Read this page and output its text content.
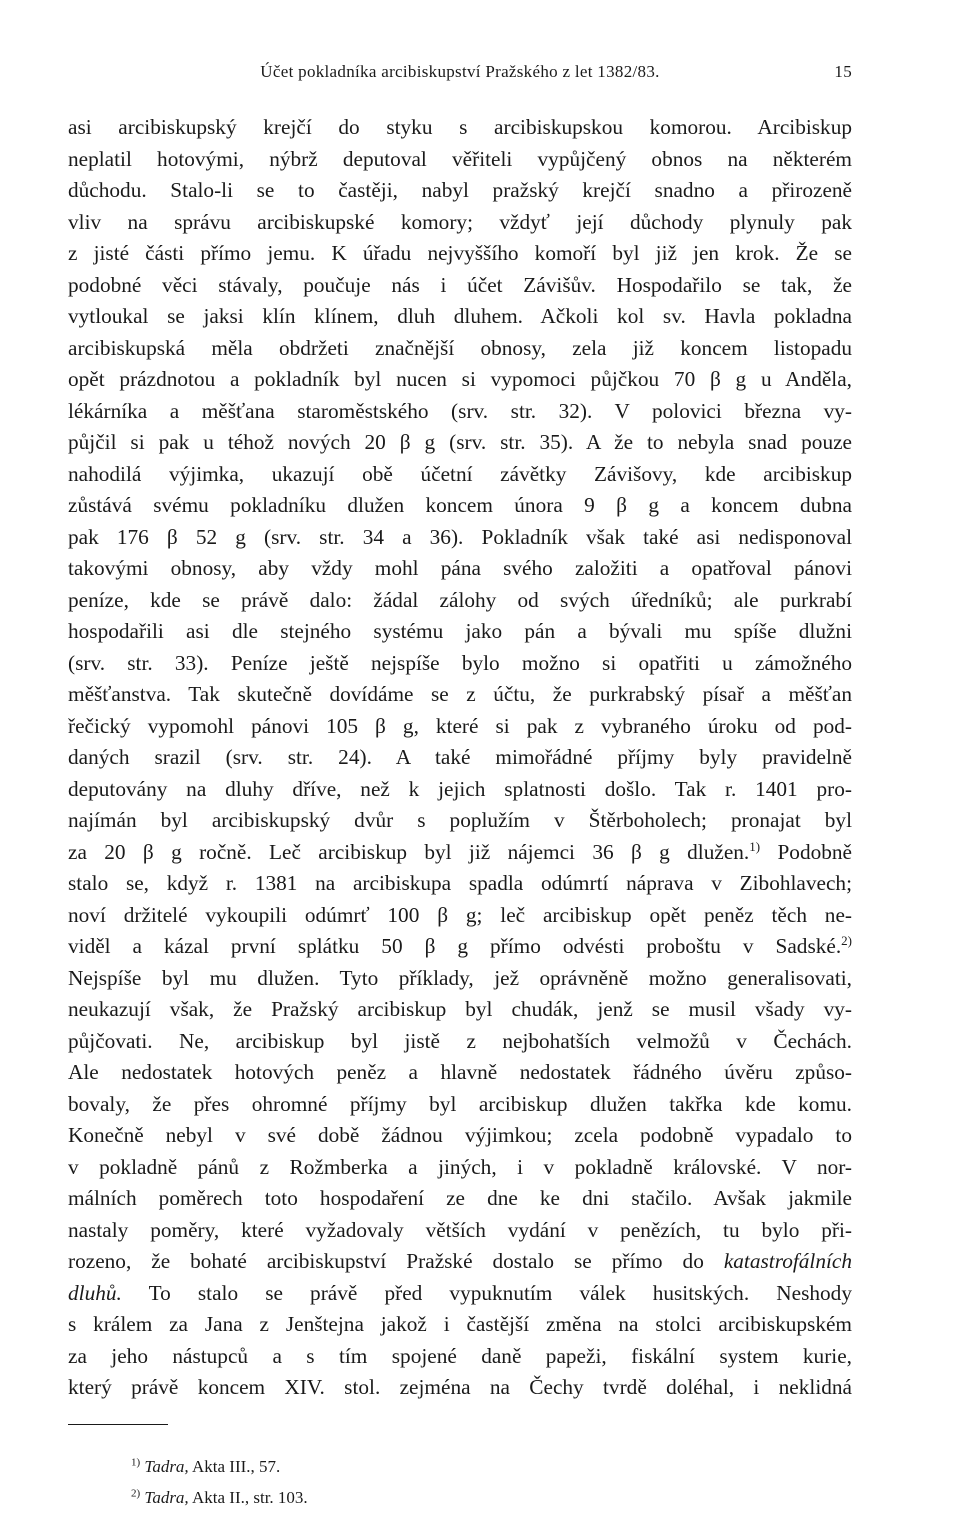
Účet pokladníka arcibiskupství Pražského z let 1382/83.	15
asi arcibiskupský krejčí do styku s arcibiskupskou komorou. Arcibiskup
neplatil hotovými, nýbrž deputoval věřiteli vypůjčený obnos na některém
důchodu. Stalo-li se to častěji, nabyl pražský krejčí snadno a přirozeně
vliv na správu arcibiskupské komory; vždyť její důchody plynuly pak
z jisté části přímo jemu. K úřadu nejvyššího komoří byl již jen krok. Že se
podobné věci stávaly, poučuje nás i účet Závišův. Hospodařilo se tak, že
vytloukal se jaksi klín klínem, dluh dluhem. Ačkoli kol sv. Havla pokladna
arcibiskupská měla obdržeti značnější obnosy, zela již koncem listopadu
opět prázdnotou a pokladník byl nucen si vypomoci půjčkou 70 β g u Anděla,
lékárníka a měšťana staroměstského (srv. str. 32). V polovici března vy-
půjčil si pak u téhož nových 20 β g (srv. str. 35). A že to nebyla snad pouze
nahodilá výjimka, ukazují obě účetní závětky Závišovy, kde arcibiskup
zůstává svému pokladníku dlužen koncem února 9 β g a koncem dubna
pak 176 β 52 g (srv. str. 34 a 36). Pokladník však také asi nedisponoval
takovými obnosy, aby vždy mohl pána svého založiti a opatřoval pánovi
peníze, kde se právě dalo: žádal zálohy od svých úředníků; ale purkrabí
hospodařili asi dle stejného systému jako pán a bývali mu spíše dlužni
(srv. str. 33). Peníze ještě nejspíše bylo možno si opatřiti u zámožného
měšťanstva. Tak skutečně dovídáme se z účtu, že purkrabský písař a měšťan
řečický vypomohl pánovi 105 β g, které si pak z vybraného úroku od pod-
daných srazil (srv. str. 24). A také mimořádné příjmy byly pravidelně
deputovány na dluhy dříve, než k jejich splatnosti došlo. Tak r. 1401 pro-
najímán byl arcibiskupský dvůr s poplužím v Štěrboholech; pronajat byl
za 20 β g ročně. Leč arcibiskup byl již nájemci 36 β g dlužen.$^{1)}$ Podobně
stalo se, když r. 1381 na arcibiskupa spadla odúmrtí náprava v Zibohlavech;
noví držitelé vykoupili odúmrť 100 β g; leč arcibiskup opět peněz těch ne-
viděl a kázal první splátku 50 β g přímo odvésti proboštu v Sadské.$^{2)}$
Nejspíše byl mu dlužen. Tyto příklady, jež oprávněně možno generalisovati,
neukazují však, že Pražský arcibiskup byl chudák, jenž se musil všady vy-
půjčovati. Ne, arcibiskup byl jistě z nejbohatších velmožů v Čechách.
Ale nedostatek hotových peněz a hlavně nedostatek řádného úvěru způso-
bovaly, že přes ohromné příjmy byl arcibiskup dlužen takřka kde komu.
Konečně nebyl v své době žádnou výjimkou; zcela podobně vypadalo to
v pokladně pánů z Rožmberka a jiných, i v pokladně královské. V nor-
málních poměrech toto hospodaření ze dne ke dni stačilo. Avšak jakmile
nastaly poměry, které vyžadovaly větších vydání v penězích, tu bylo při-
rozeno, že bohaté arcibiskupství Pražské dostalo se přímo do katastrofálních
dluhů. To stalo se právě před vypuknutím válek husitských. Neshody
s králem za Jana z Jenštejna jakož i častější změna na stolci arcibiskupském
za jeho nástupců a s tím spojené daně papeži, fiskální system kurie,
který právě koncem XIV. stol. zejména na Čechy tvrdě doléhal, i neklidná
$^{1)}$ Tadra, Akta III., 57.
$^{2)}$ Tadra, Akta II., str. 103.
